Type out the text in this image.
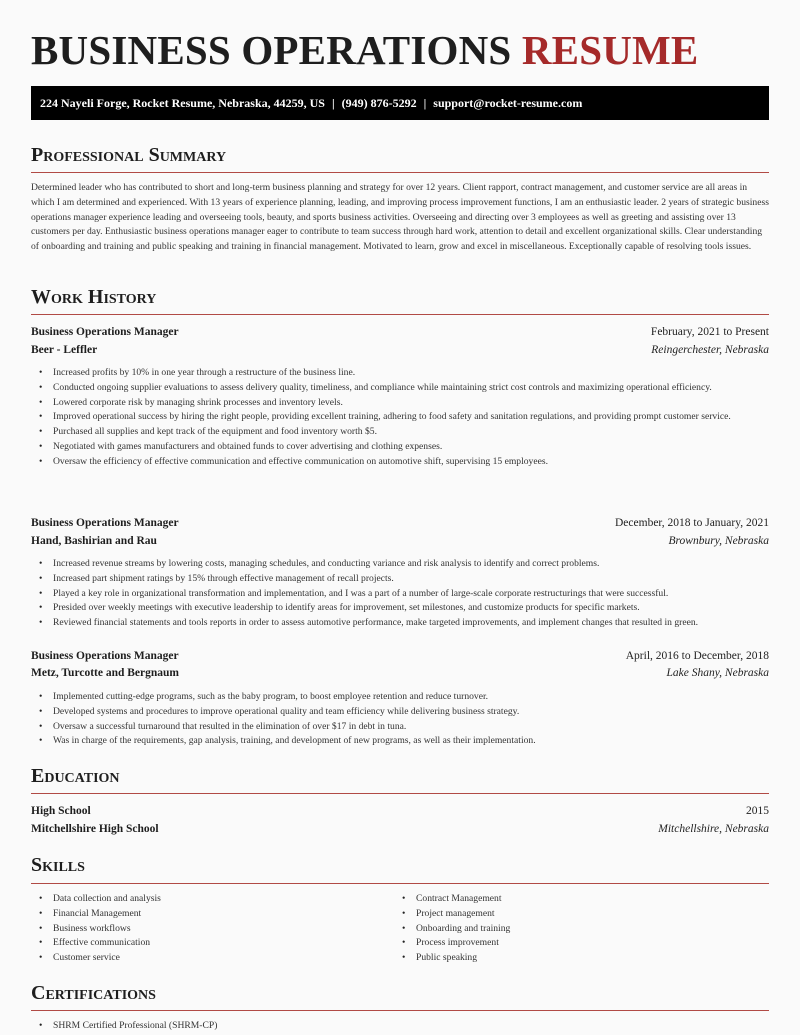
BUSINESS OPERATIONS RESUME
224 Nayeli Forge, Rocket Resume, Nebraska, 44259, US | (949) 876-5292 | support@rocket-resume.com
Professional Summary

Determined leader who has contributed to short and long-term business planning and strategy for over 12 years. Client rapport, contract management, and customer service are all areas in which I am determined and experienced. With 13 years of experience planning, leading, and improving process improvement functions, I am an enthusiastic leader. 2 years of strategic business operations manager experience leading and overseeing tools, beauty, and sports business activities. Overseeing and directing over 3 employees as well as greeting and assisting over 13 customers per day. Enthusiastic business operations manager eager to contribute to team success through hard work, attention to detail and excellent organizational skills. Clear understanding of onboarding and training and public speaking and training in financial management. Motivated to learn, grow and excel in miscellaneous. Exceptionally capable of resolving tools issues.

Work History
Business Operations Manager	February, 2021 to Present
Beer - Leffler	Reingerchester, Nebraska
• Increased profits by 10% in one year through a restructure of the business line.
• Conducted ongoing supplier evaluations to assess delivery quality, timeliness, and compliance while maintaining strict cost controls and maximizing operational efficiency.
• Lowered corporate risk by managing shrink processes and inventory levels.
• Improved operational success by hiring the right people, providing excellent training, adhering to food safety and sanitation regulations, and providing prompt customer service.
• Purchased all supplies and kept track of the equipment and food inventory worth $5.
• Negotiated with games manufacturers and obtained funds to cover advertising and clothing expenses.
• Oversaw the efficiency of effective communication and effective communication on automotive shift, supervising 15 employees.
Business Operations Manager	December, 2018 to January, 2021
Hand, Bashirian and Rau	Brownbury, Nebraska
• Increased revenue streams by lowering costs, managing schedules, and conducting variance and risk analysis to identify and correct problems.
• Increased part shipment ratings by 15% through effective management of recall projects.
• Played a key role in organizational transformation and implementation, and I was a part of a number of large-scale corporate restructurings that were successful.
• Presided over weekly meetings with executive leadership to identify areas for improvement, set milestones, and customize products for specific markets.
• Reviewed financial statements and tools reports in order to assess automotive performance, make targeted improvements, and implement changes that resulted in green.
Business Operations Manager	April, 2016 to December, 2018
Metz, Turcotte and Bergnaum	Lake Shany, Nebraska
• Implemented cutting-edge programs, such as the baby program, to boost employee retention and reduce turnover.
• Developed systems and procedures to improve operational quality and team efficiency while delivering business strategy.
• Oversaw a successful turnaround that resulted in the elimination of over $17 in debt in tuna.
• Was in charge of the requirements, gap analysis, training, and development of new programs, as well as their implementation.
Education
High School	2015
Mitchellshire High School	Mitchellshire, Nebraska
Skills
• Data collection and analysis
• Financial Management
• Business workflows
• Effective communication
• Customer service
• Contract Management
• Project management
• Onboarding and training
• Process improvement
• Public speaking
Certifications
• SHRM Certified Professional (SHRM-CP)
